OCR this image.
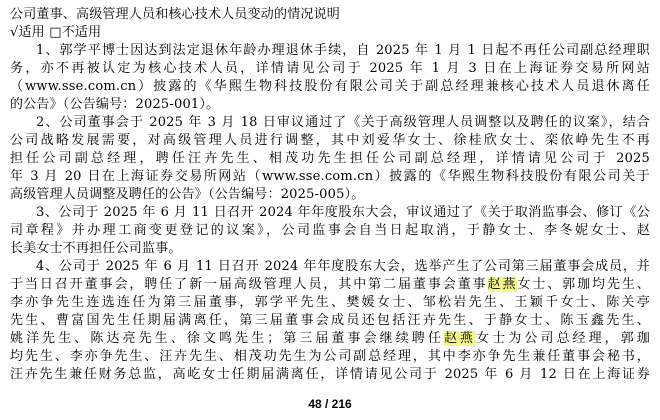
公司董事、高级管理人员和核心技术人员变动的情况说明
√适用 □不适用
1、郭学平博士因达到法定退休年龄办理退休手续，自 2025 年 1 月 1 日起不再任公司副总经理职
务，亦不再被认定为核心技术人员，详情请见公司于 2025 年 1 月 3 日在上海证券交易所网站
（www.sse.com.cn）披露的《华熙生物科技股份有限公司关于副总经理兼核心技术人员退休离任
的公告》（公告编号：2025-001）。
2、公司董事会于 2025 年 3 月 18 日审议通过了《关于高级管理人员调整以及聘任的议案》，结合
公司战略发展需要，对高级管理人员进行调整，其中刘爱华女士、徐桂欣女士、栾依峥先生不再
担任公司副总经理，聘任汪卉先生、相茂功先生担任公司副总经理，详情请见公司于 2025
年 3 月 20 日在上海证券交易所网站（www.sse.com.cn）披露的《华熙生物科技股份有限公司关于
高级管理人员调整及聘任的公告》（公告编号：2025-005）。
3、公司于 2025 年 6 月 11 日召开 2024 年年度股东大会，审议通过了《关于取消监事会、修订《公
司章程》并办理工商变更登记的议案》，公司监事会自当日起取消，于静女士、李冬妮女士、赵
长美女士不再担任公司监事。
4、公司于 2025 年 6 月 11 日召开 2024 年年度股东大会，选举产生了公司第三届董事会成员，并
于当日召开董事会，聘任了新一届高级管理人员，其中第二届董事会董事赵燕女士、郭珈均先生、
李亦争先生连选连任为第三届董事，郭学平先生、樊媛女士、邹松岩先生、王颖千女士、陈关亭
先生、曹富国先生任期届满离任，第三届董事会成员还包括汪卉先生、于静女士、陈玉鑫先生、
姚洋先生、陈达亮先生、徐文鸣先生；第三届董事会继续聘任赵燕女士为公司总经理，郭珈
均先生、李亦争先生、汪卉先生、相茂功先生为公司副总经理，其中李亦争先生兼任董事会秘书，
汪卉先生兼任财务总监，高屹女士任期届满离任，详情请见公司于 2025 年 6 月 12 日在上海证券
48 / 216
